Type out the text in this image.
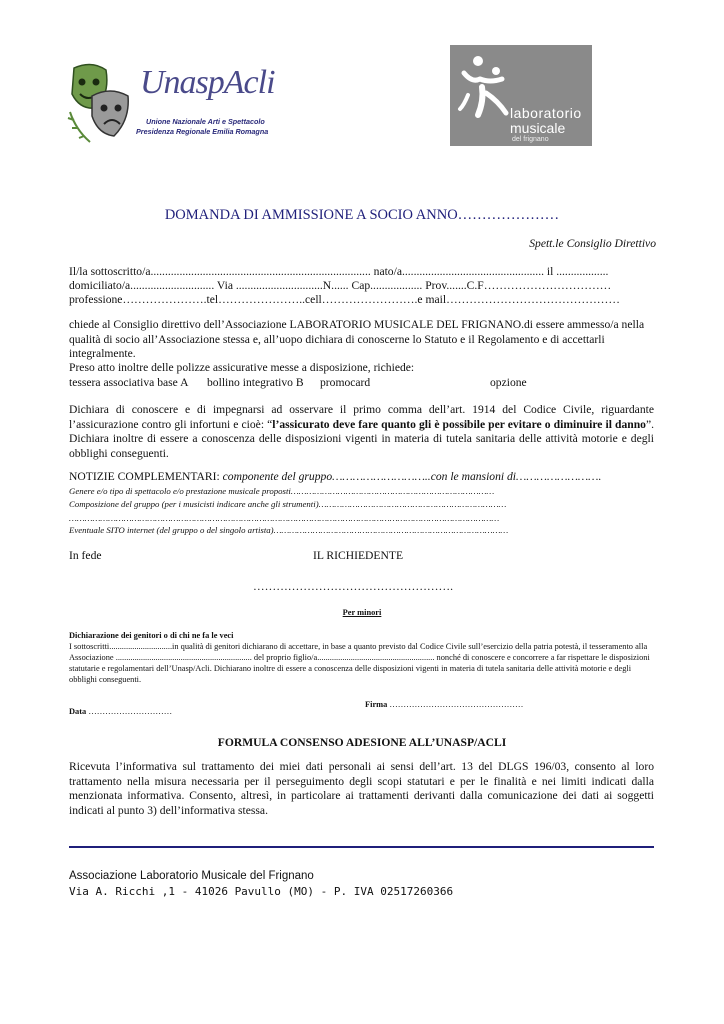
UnaspAcli
Unione Nazionale Arti e Spettacolo
Presidenza Regionale Emilia Romagna
laboratorio
musicale
del frignano
DOMANDA DI AMMISSIONE A SOCIO ANNO…………………
Spett.le Consiglio Direttivo
Il/la sottoscritto/a............................................................................ nato/a................................................. il ..................
domiciliato/a............................. Via ..............................N...... Cap.................. Prov.......C.F……………………………
professione………………….tel…………………..cell…………………….e mail………………………………………
chiede al Consiglio direttivo dell’Associazione LABORATORIO MUSICALE DEL FRIGNANO.di essere ammesso/a nella qualità di socio all’Associazione stessa e, all’uopo dichiara di conoscerne lo Statuto e il Regolamento e di accettarli integralmente.
Preso atto inoltre delle polizze assicurative messe a disposizione, richiede:
tessera associativa base A bollino integrativo B promocard	opzione
Dichiara di conoscere e di impegnarsi ad osservare il primo comma dell’art. 1914 del Codice Civile, riguardante l’assicurazione contro gli infortuni e cioè: “l’assicurato deve fare quanto gli è possibile per evitare o diminuire il danno”. Dichiara inoltre di essere a conoscenza delle disposizioni vigenti in materia di tutela sanitaria delle attività motorie e degli obblighi conseguenti.
NOTIZIE COMPLEMENTARI: componente del gruppo………………………..con le mansioni di…………………….
Genere e/o tipo di spettacolo e/o prestazione musicale proposti……………………………………………………………………
Composizione del gruppo (per i musicisti indicare anche gli strumenti)………………………………………………………………
…………………………………………………………………………………………………………………………………………………
Eventuale SITO internet (del gruppo o del singolo artista)………………………………………………………………………………
In fede	IL RICHIEDENTE
…………………………………………….
Per minori
Dichiarazione dei genitori o di chi ne fa le veci
I sottoscritti..............................in qualità di genitori dichiarano di accettare, in base a quanto previsto dal Codice Civile sull’esercizio della patria potestà, il tesseramento alla Associazione ................................................................. del proprio figlio/a........................................................ nonché di conoscere e concorrere a far rispettare le disposizioni statutarie e regolamentari dell’Unasp/Acli. Dichiarano inoltre di essere a conoscenza delle disposizioni vigenti in materia di tutela sanitaria delle attività motorie e degli obblighi conseguenti.
Firma …………………………………………
Data …………………………
FORMULA CONSENSO ADESIONE ALL’UNASP/ACLI
Ricevuta l’informativa sul trattamento dei miei dati personali ai sensi dell’art. 13 del DLGS 196/03, consento al loro trattamento nella misura necessaria per il perseguimento degli scopi statutari e per le finalità e nei limiti indicati dalla menzionata informativa. Consento, altresì, in particolare ai trattamenti derivanti dalla comunicazione dei dati ai soggetti indicati al punto 3) dell’informativa stessa.
Associazione Laboratorio Musicale del Frignano
Via A. Ricchi ,1 - 41026 Pavullo (MO) - P. IVA 02517260366
